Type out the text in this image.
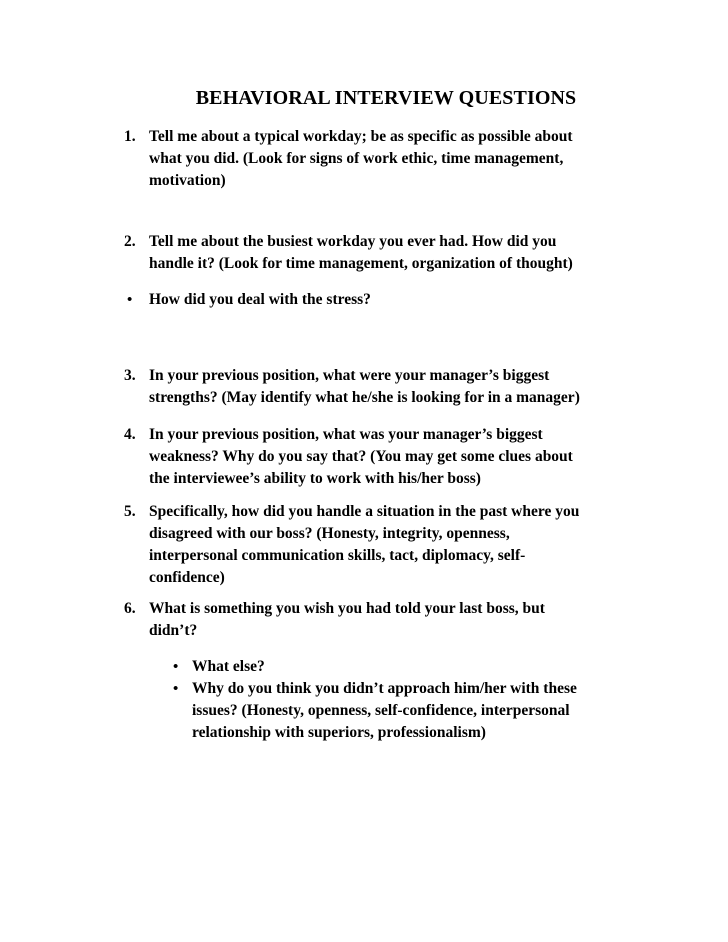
BEHAVIORAL INTERVIEW QUESTIONS
1. Tell me about a typical workday; be as specific as possible about
what you did. (Look for signs of work ethic, time management,
motivation)
2. Tell me about the busiest workday you ever had. How did you
handle it? (Look for time management, organization of thought)
• How did you deal with the stress?
3. In your previous position, what were your manager’s biggest
strengths? (May identify what he/she is looking for in a manager)
4. In your previous position, what was your manager’s biggest
weakness? Why do you say that? (You may get some clues about
the interviewee’s ability to work with his/her boss)
5. Specifically, how did you handle a situation in the past where you
disagreed with our boss? (Honesty, integrity, openness,
interpersonal communication skills, tact, diplomacy, self-
confidence)
6. What is something you wish you had told your last boss, but
didn’t?
• What else?
• Why do you think you didn’t approach him/her with these
issues? (Honesty, openness, self-confidence, interpersonal
relationship with superiors, professionalism)
